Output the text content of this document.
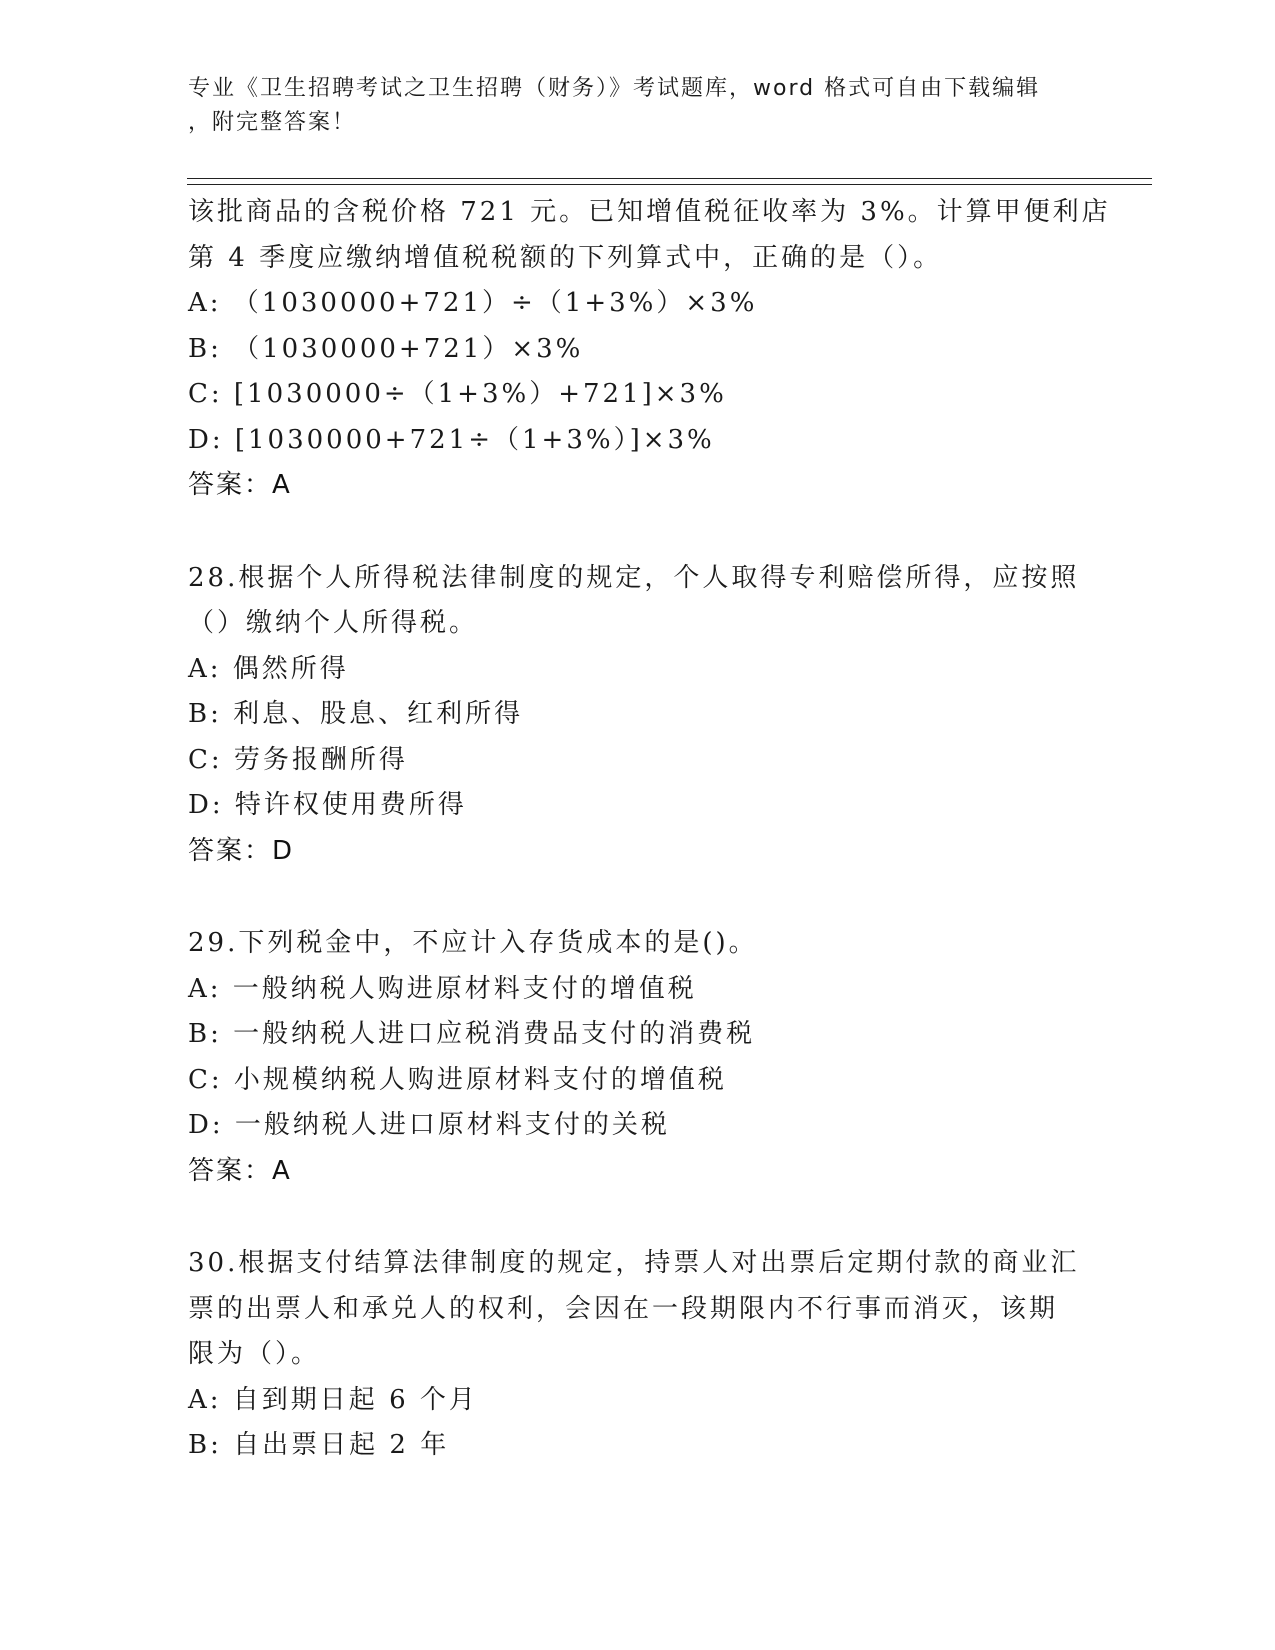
专业《卫生招聘考试之卫生招聘（财务）》考试题库，word 格式可自由下载编辑
，附完整答案！
该批商品的含税价格 721 元。已知增值税征收率为 3%。计算甲便利店
第 4 季度应缴纳增值税税额的下列算式中，正确的是（）。
A: （1030000+721）÷（1+3%）×3%
B: （1030000+721）×3%
C: [1030000÷（1+3%）+721]×3%
D: [1030000+721÷（1+3%）]×3%
答案：A
28.根据个人所得税法律制度的规定，个人取得专利赔偿所得，应按照
（）缴纳个人所得税。
A: 偶然所得
B: 利息、股息、红利所得
C: 劳务报酬所得
D: 特许权使用费所得
答案：D
29.下列税金中，不应计入存货成本的是()。
A: 一般纳税人购进原材料支付的增值税
B: 一般纳税人进口应税消费品支付的消费税
C: 小规模纳税人购进原材料支付的增值税
D: 一般纳税人进口原材料支付的关税
答案：A
30.根据支付结算法律制度的规定，持票人对出票后定期付款的商业汇
票的出票人和承兑人的权利，会因在一段期限内不行事而消灭，该期
限为（）。
A: 自到期日起 6 个月
B: 自出票日起 2 年
